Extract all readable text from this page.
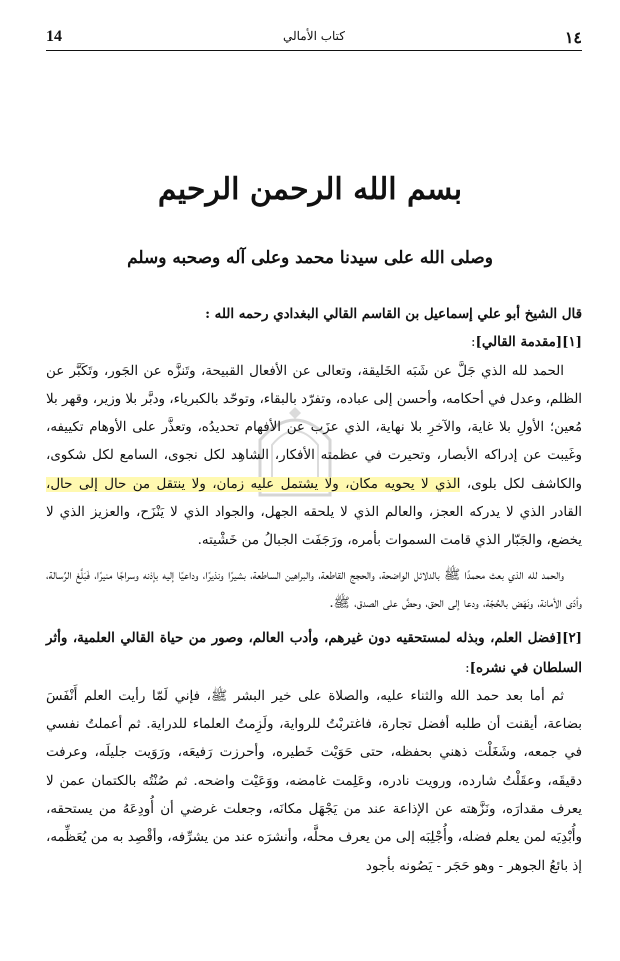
14	كتاب الأمالي	١٤
بسم الله الرحمن الرحيم
وصلى الله على سيدنا محمد وعلى آله وصحبه وسلم

قال الشيخ أبو علي إسماعيل بن القاسم القالي البغدادي رحمه الله :

[١][مقدمة القالي]:

الحمد لله الذي جَلَّ عن شَبَه الخَليقة، وتعالى عن الأفعال القبيحة، وتَنزَّه عن الجَور، وتَكَبَّر عن الظلم، وعدل في أحكامه، وأحسن إلى عباده، وتفرّد بالبقاء، وتوحّد بالكبرياء، ودبَّر بلا وزير، وقهر بلا مُعين؛ الأولِ بلا غاية، والآخرِ بلا نهاية، الذي عزَب عن الأفهام تحديدُه، وتعذَّر على الأوهام تكييفه، وغَيبت عن إدراكه الأبصار، وتحيرت في عظمته الأفكار، الشاهِد لكل نجوى، السامع لكل شكوى، والكاشف لكل بلوى، الذي لا يحويه مكان، ولا يشتمل عليه زمان، ولا ينتقل من حال إلى حال، القادر الذي لا يدركه العجز، والعالم الذي لا يلحقه الجهل، والجواد الذي لا يَنْزَح، والعزيز الذي لا يخضع، والجَبّار الذي قامت السموات بأمره، ورَجَفَت الجبالُ من خَشْيته.

والحمد لله الذي بعث محمدًا ﷺ بالدلائل الواضحة، والحجج القاطعة، والبراهين الساطعة، بشيرًا ونذيرًا، وداعيًا إليه بإذنه وسراجًا منيرًا، فَبَلَّغ الرِّسالة، وأدّى الأمانة، ونَهَض بالحُجّة، ودعا إلى الحق، وحضَّ على الصدق، ﷺ.

[٢][فضل العلم، وبذله لمستحقيه دون غيرهم، وأدب العالم، وصور من حياة القالي العلمية، وأثر السلطان في نشره]:

ثم أما بعد حمد الله والثناء عليه، والصلاة على خير البشر ﷺ، فإني لَمّا رأيت العلم أَنْفَسَ بضاعة، أيقنت أن طلبه أفضل تجارة، فاغتربْتُ للرواية، ولَزِمتُ العلماء للدراية. ثم أعملتُ نفسي في جمعه، وشَغَلْت ذهني بحفظه، حتى حَوَيْت خَطيره، وأحرزت رَفيعَه، ورَوَيت جليلَه، وعرفت دقيقَه، وعقَلْتُ شارده، ورويت نادره، وعَلِمت غامضه، ووَعَيْت واضحه. ثم صُنْتُه بالكتمان عمن لا يعرف مقدارَه، ونَزَّهته عن الإذاعة عند من يَجْهَل مكانَه، وجعلت غرضي أن أُودِعَهُ من يستحقه، وأُبْدِيَه لمن يعلم فضله، وأُجْلِبَه إلى من يعرف محلَّه، وأنشرَه عند من يشرِّفه، وأقْصِد به من يُعَظِّمه، إذ بائعُ الجوهر - وهو حَجَر - يَصُونه بأجود
